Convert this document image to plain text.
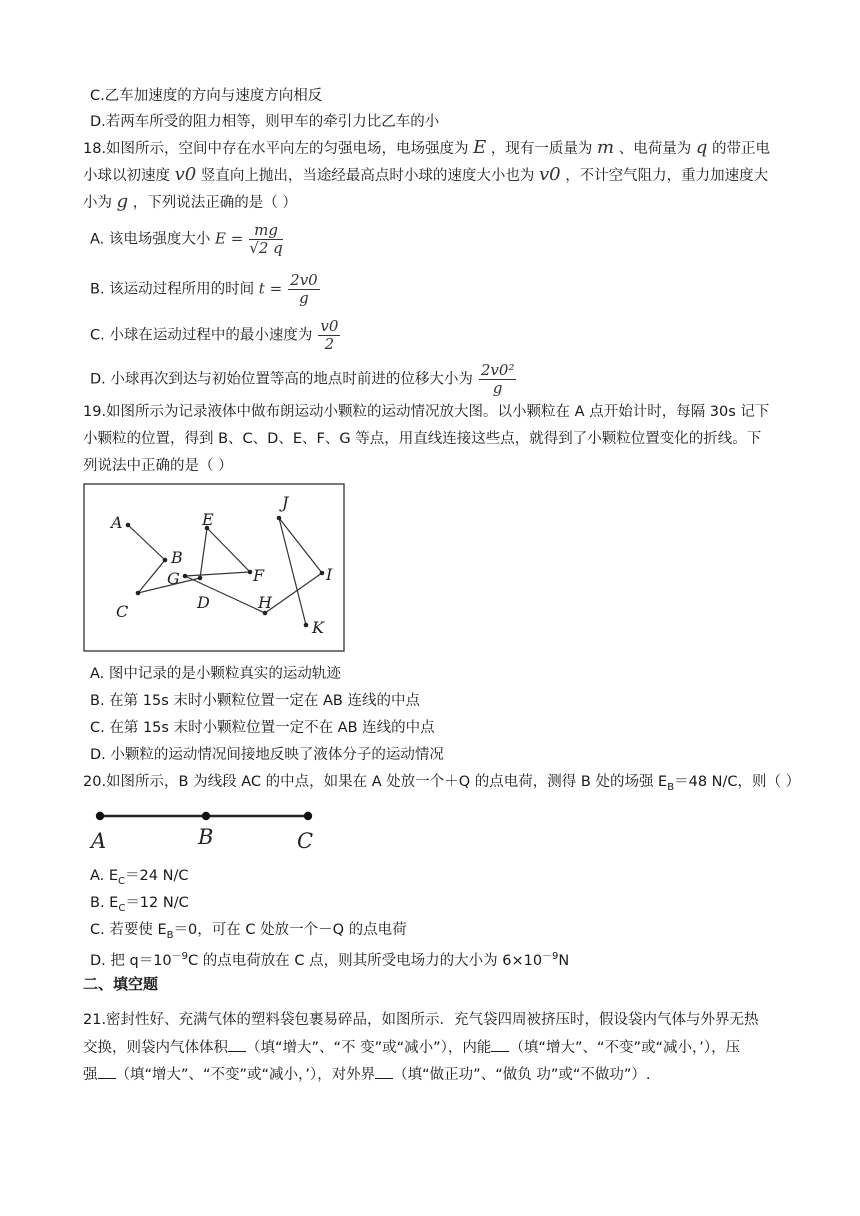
C.乙车加速度的方向与速度方向相反
D.若两车所受的阻力相等，则甲车的牵引力比乙车的小
18.如图所示，空间中存在水平向左的匀强电场，电场强度为 E ，现有一质量为 m 、电荷量为 q 的带正电
小球以初速度 v0 竖直向上抛出，当途经最高点时小球的速度大小也为 v0 ，不计空气阻力，重力加速度大
小为 g ，下列说法正确的是（ ）
A. 该电场强度大小 $E = \frac{mg}{√2 q}$
B. 该运动过程所用的时间 $t = \frac{2v0}{g}$
C. 小球在运动过程中的最小速度为 $\frac{v0}{2}$
D. 小球再次到达与初始位置等高的地点时前进的位移大小为 $\frac{\text{2v0²}}{g}$
19.如图所示为记录液体中做布朗运动小颗粒的运动情况放大图。以小颗粒在 A 点开始计时，每隔 30s 记下
小颗粒的位置，得到 B、C、D、E、F、G 等点，用直线连接这些点，就得到了小颗粒位置变化的折线。下
列说法中正确的是（ ）
A
B
C	D
E
F
G
H
I
J
K
A. 图中记录的是小颗粒真实的运动轨迹
B. 在第 15s 末时小颗粒位置一定在 AB 连线的中点
C. 在第 15s 末时小颗粒位置一定不在 AB 连线的中点
D. 小颗粒的运动情况间接地反映了液体分子的运动情况
20.如图所示，B 为线段 AC 的中点，如果在 A 处放一个＋Q 的点电荷，测得 B 处的场强 $E_B=48$ N/C，则（ ）
A	B	C
A. $E_C=24$ N/C
B. $E_C=12$ N/C
C. 若要使 $E_B=0$，可在 C 处放一个－Q 的点电荷
D. 把 $q=10^{-9}C$ 的点电荷放在 C 点，则其所受电场力的大小为 $6\times 10^{-9}N$
二、填空题
21.密封性好、充满气体的塑料袋包裹易碎品，如图所示．充气袋四周被挤压时，假设袋内气体与外界无热
交换，则袋内气体体积 （填“增大”、“不 变”或“减小”），内能 （填“增大”、“不变”或“减小，’），压
强 （填“增大”、“不变”或“减小，’），对外界 （填“做正功”、“做负 功”或“不做功”）.
